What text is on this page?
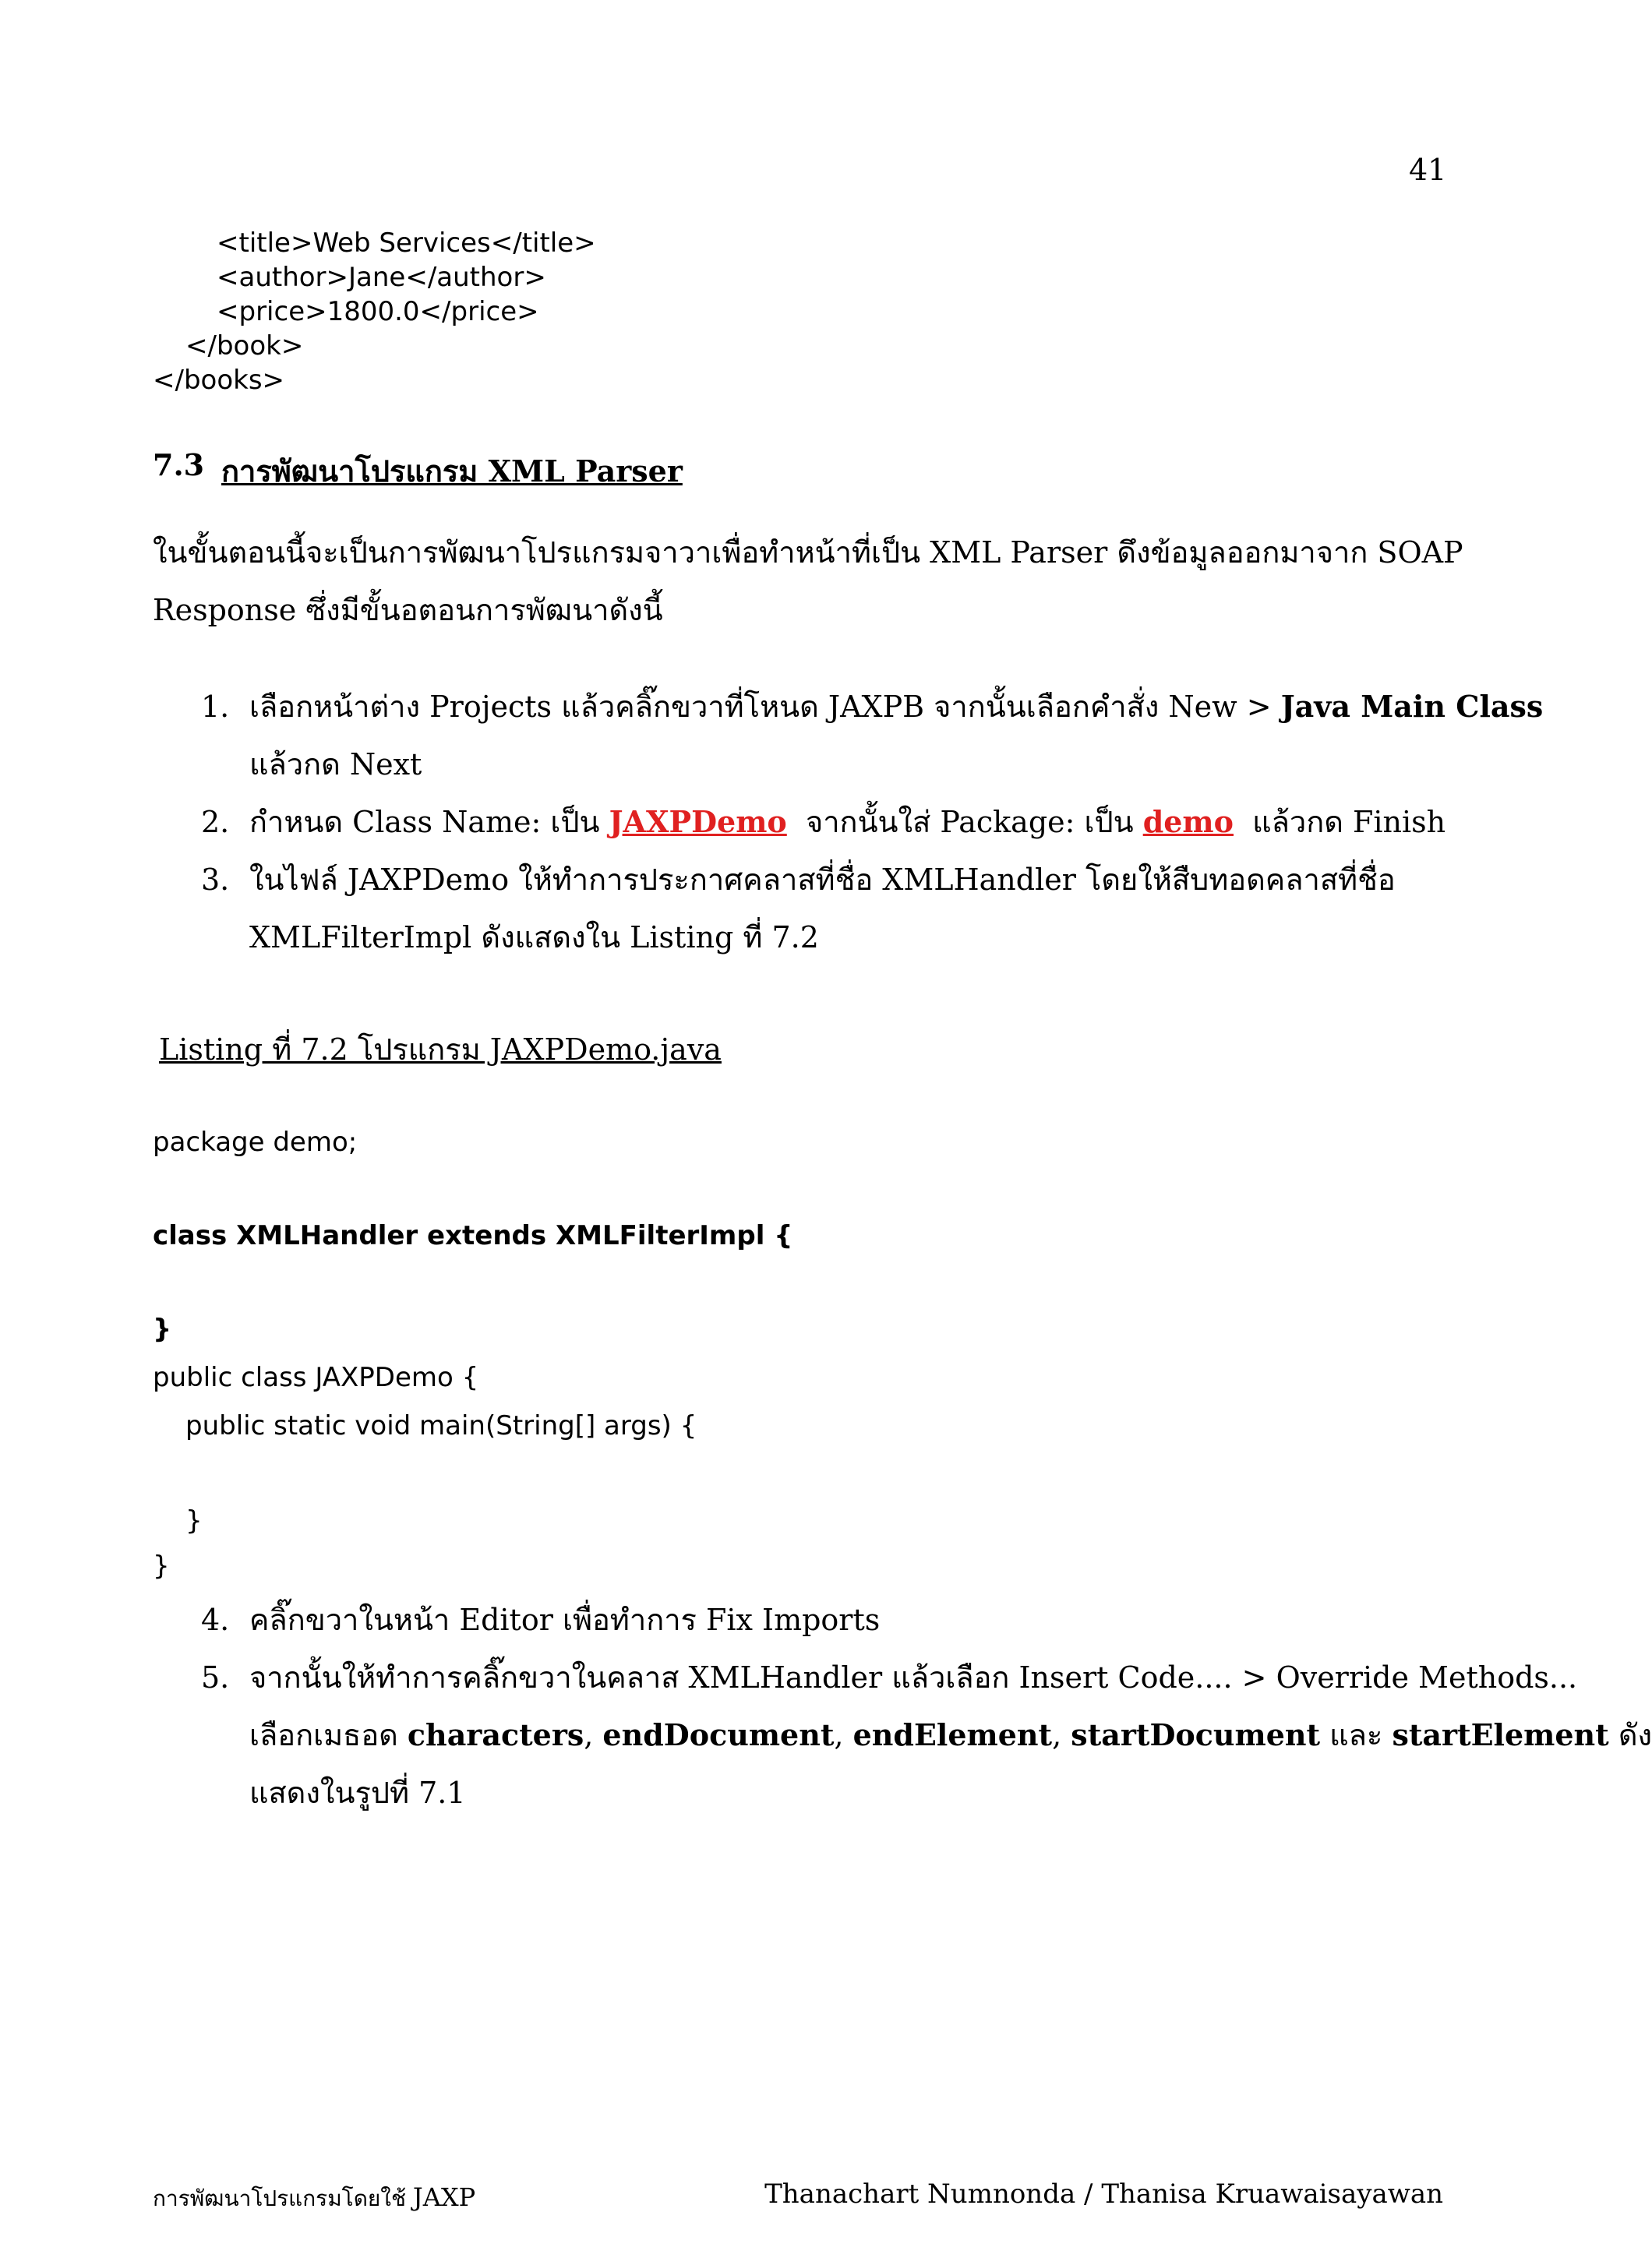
41
<title>Web Services</title>
<author>Jane</author>
<price>1800.0</price>
</book>
</books>
7.3 การพัฒนาโปรแกรม XML Parser
ในขั้นตอนนี้จะเป็นการพัฒนาโปรแกรมจาวาเพื่อทำหน้าที่เป็น XML Parser ดึงข้อมูลออกมาจาก SOAP
Response ซึ่งมีขั้นอตอนการพัฒนาดังนี้
1. เลือกหน้าต่าง Projects แล้วคลิ๊กขวาที่โหนด JAXPB จากนั้นเลือกคำสั่ง New > Java Main Class
แล้วกด Next
2. กำหนด Class Name: เป็น JAXPDemo  จากนั้นใส่ Package: เป็น demo  แล้วกด Finish
3. ในไฟล์ JAXPDemo ให้ทำการประกาศคลาสที่ชื่อ XMLHandler โดยให้สืบทอดคลาสที่ชื่อ
XMLFilterImpl ดังแสดงใน Listing ที่ 7.2
Listing ที่ 7.2 โปรแกรม JAXPDemo.java
package demo;
class XMLHandler extends XMLFilterImpl {
}
public class JAXPDemo {
public static void main(String[] args) {
}
}
4. คลิ๊กขวาในหน้า Editor เพื่อทำการ Fix Imports
5. จากนั้นให้ทำการคลิ๊กขวาในคลาส XMLHandler แล้วเลือก Insert Code.... > Override Methods...
เลือกเมธอด characters, endDocument, endElement, startDocument และ startElement ดัง
แสดงในรูปที่ 7.1
การพัฒนาโปรแกรมโดยใช้ JAXP	Thanachart Numnonda / Thanisa Kruawaisayawan
